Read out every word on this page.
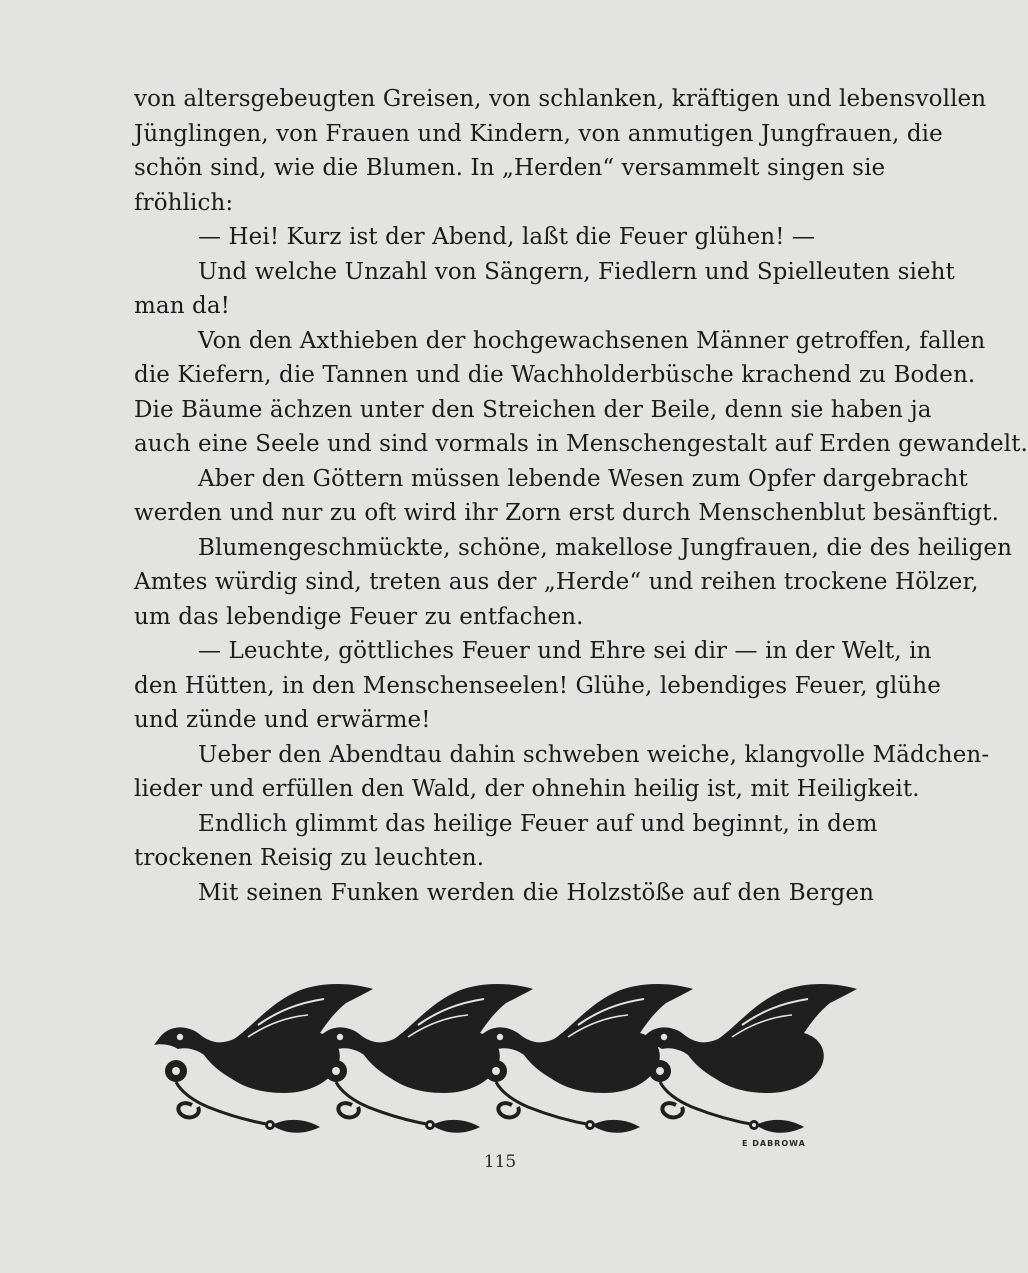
von altersgebeugten Greisen, von schlanken, kräftigen und lebensvollen
Jünglingen, von Frauen und Kindern, von anmutigen Jungfrauen, die
schön sind, wie die Blumen. In „Herden“ versammelt singen sie
fröhlich:
— Hei! Kurz ist der Abend, laßt die Feuer glühen! —
Und welche Unzahl von Sängern, Fiedlern und Spielleuten sieht
man da!
Von den Axthieben der hochgewachsenen Männer getroffen, fallen
die Kiefern, die Tannen und die Wachholderbüsche krachend zu Boden.
Die Bäume ächzen unter den Streichen der Beile, denn sie haben ja
auch eine Seele und sind vormals in Menschengestalt auf Erden gewandelt.
Aber den Göttern müssen lebende Wesen zum Opfer dargebracht
werden und nur zu oft wird ihr Zorn erst durch Menschenblut besänftigt.
Blumengeschmückte, schöne, makellose Jungfrauen, die des heiligen
Amtes würdig sind, treten aus der „Herde“ und reihen trockene Hölzer,
um das lebendige Feuer zu entfachen.
— Leuchte, göttliches Feuer und Ehre sei dir — in der Welt, in
den Hütten, in den Menschenseelen! Glühe, lebendiges Feuer, glühe
und zünde und erwärme!
Ueber den Abendtau dahin schweben weiche, klangvolle Mädchen-
lieder und erfüllen den Wald, der ohnehin heilig ist, mit Heiligkeit.
Endlich glimmt das heilige Feuer auf und beginnt, in dem
trockenen Reisig zu leuchten.
Mit seinen Funken werden die Holzstöße auf den Bergen
E DABROWA
115
